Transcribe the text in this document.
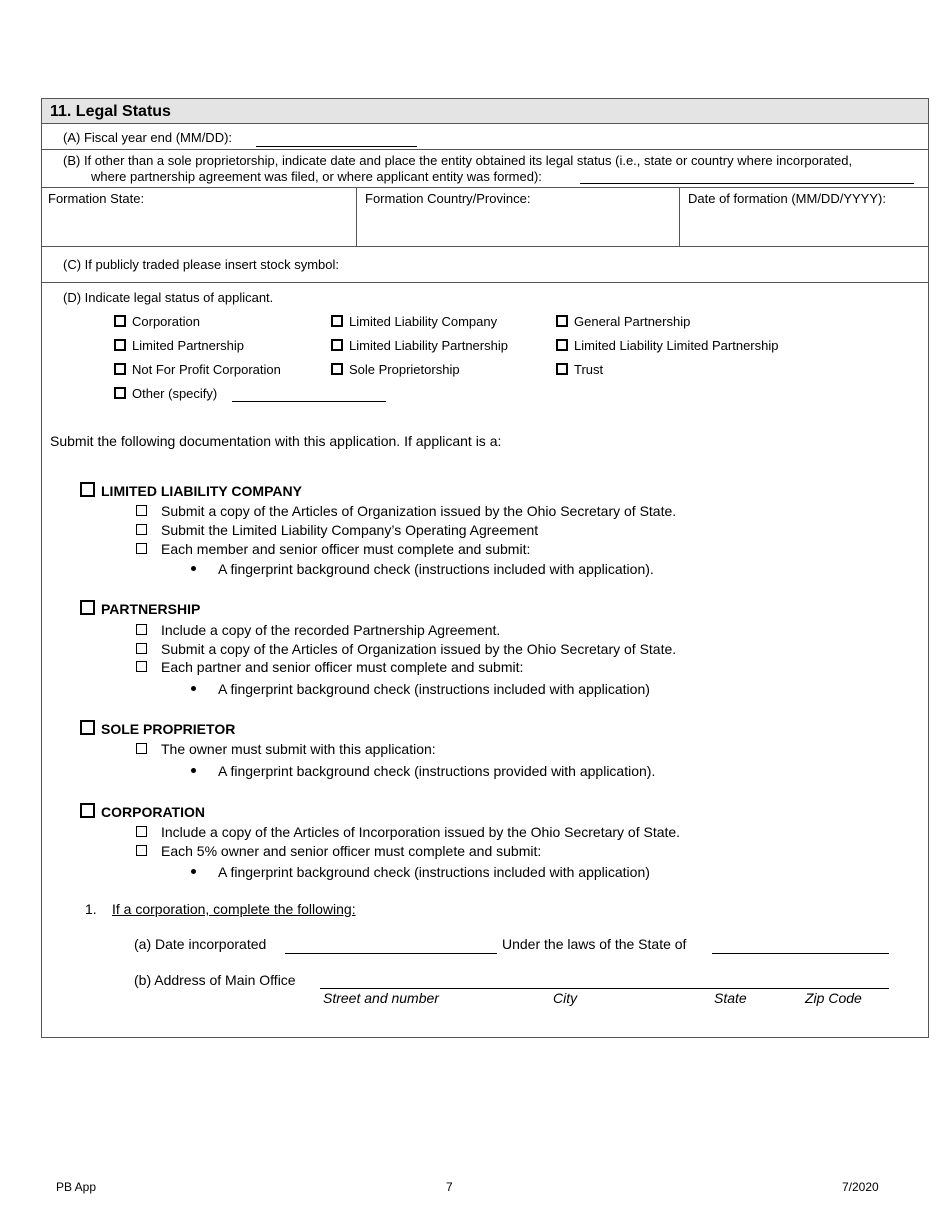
11. Legal Status
(A) Fiscal year end (MM/DD):
(B) If other than a sole proprietorship, indicate date and place the entity obtained its legal status (i.e., state or country where incorporated,
where partnership agreement was filed, or where applicant entity was formed):
Formation State:	Formation Country/Province:	Date of formation (MM/DD/YYYY):
(C) If publicly traded please insert stock symbol:
(D) Indicate legal status of applicant.
Corporation	Limited Liability Company	General Partnership
Limited Partnership	Limited Liability Partnership	Limited Liability Limited Partnership
Not For Profit Corporation	Sole Proprietorship	Trust
Other (specify)
Submit the following documentation with this application. If applicant is a:
LIMITED LIABILITY COMPANY
Submit a copy of the Articles of Organization issued by the Ohio Secretary of State.
Submit the Limited Liability Company’s Operating Agreement
Each member and senior officer must complete and submit:
A fingerprint background check (instructions included with application).
PARTNERSHIP
Include a copy of the recorded Partnership Agreement.
Submit a copy of the Articles of Organization issued by the Ohio Secretary of State.
Each partner and senior officer must complete and submit:
A fingerprint background check (instructions included with application)
SOLE PROPRIETOR
The owner must submit with this application:
A fingerprint background check (instructions provided with application).
CORPORATION
Include a copy of the Articles of Incorporation issued by the Ohio Secretary of State.
Each 5% owner and senior officer must complete and submit:
A fingerprint background check (instructions included with application)
1. If a corporation, complete the following:
(a) Date incorporated	Under the laws of the State of
(b) Address of Main Office
Street and number	City	State	Zip Code
PB App	7	7/2020
